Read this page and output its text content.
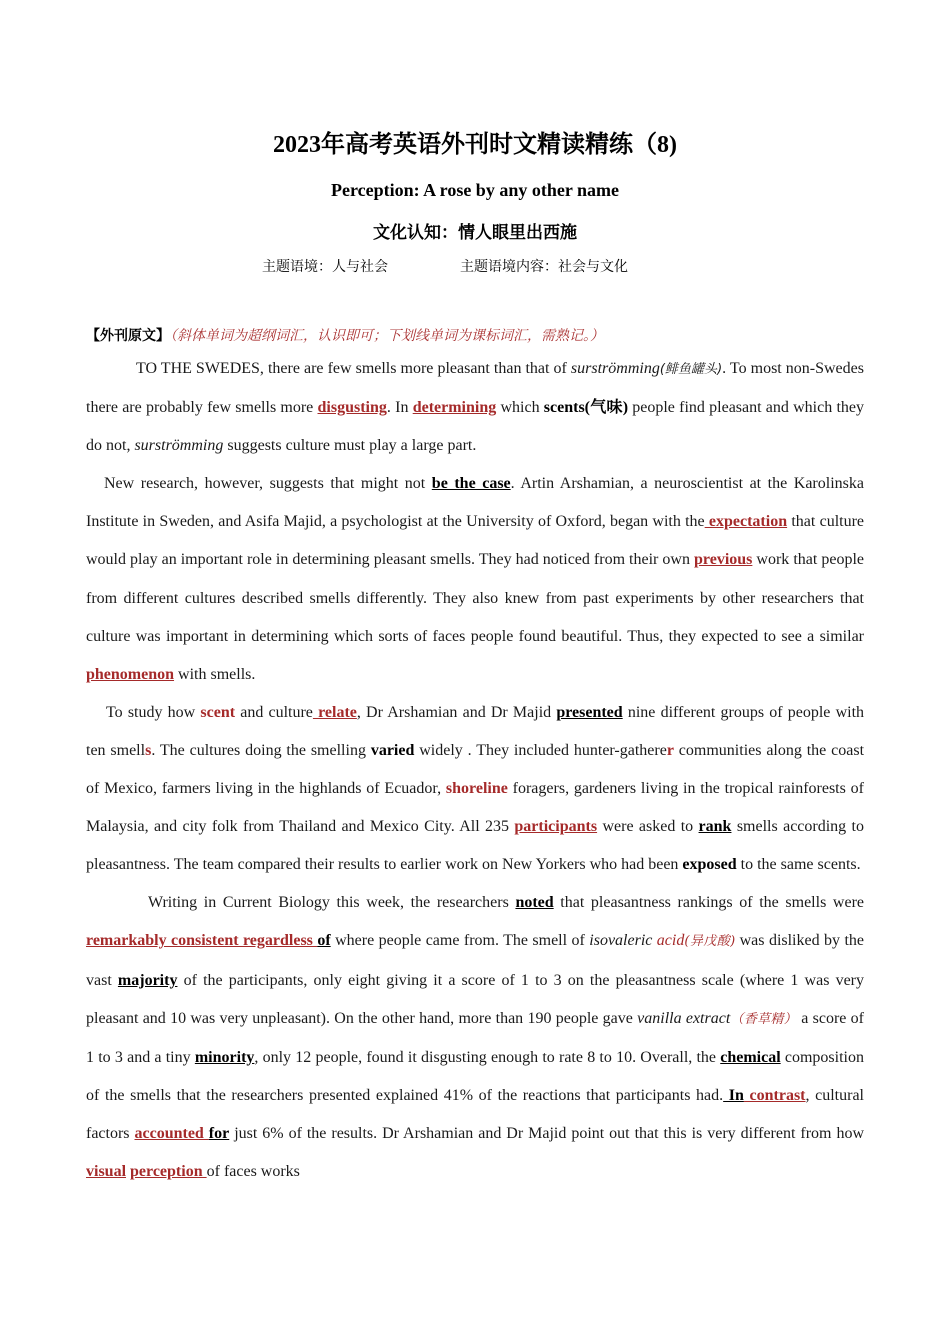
2023年高考英语外刊时文精读精练（8)
Perception: A rose by any other name
文化认知：情人眼里出西施
主题语境：人与社会	主题语境内容：社会与文化
【外刊原文】（斜体单词为超纲词汇，认识即可；下划线单词为课标词汇，需熟记。）

TO THE SWEDES, there are few smells more pleasant than that of surströmming(鲱鱼罐头). To most non-Swedes there are probably few smells more disgusting. In determining which scents(气味) people find pleasant and which they do not, surströmming suggests culture must play a large part.

New research, however, suggests that might not be the case. Artin Arshamian, a neuroscientist at the Karolinska Institute in Sweden, and Asifa Majid, a psychologist at the University of Oxford, began with the expectation that culture would play an important role in determining pleasant smells. They had noticed from their own previous work that people from different cultures described smells differently. They also knew from past experiments by other researchers that culture was important in determining which sorts of faces people found beautiful. Thus, they expected to see a similar phenomenon with smells.

To study how scent and culture relate, Dr Arshamian and Dr Majid presented nine different groups of people with ten smells. The cultures doing the smelling varied widely . They included hunter-gatherer communities along the coast of Mexico, farmers living in the highlands of Ecuador, shoreline foragers, gardeners living in the tropical rainforests of Malaysia, and city folk from Thailand and Mexico City. All 235 participants were asked to rank smells according to pleasantness. The team compared their results to earlier work on New Yorkers who had been exposed to the same scents.

Writing in Current Biology this week, the researchers noted that pleasantness rankings of the smells were remarkably consistent regardless of where people came from. The smell of isovaleric acid(异戊酸) was disliked by the vast majority of the participants, only eight giving it a score of 1 to 3 on the pleasantness scale (where 1 was very pleasant and 10 was very unpleasant). On the other hand, more than 190 people gave vanilla extract（香草精） a score of 1 to 3 and a tiny minority, only 12 people, found it disgusting enough to rate 8 to 10. Overall, the chemical composition of the smells that the researchers presented explained 41% of the reactions that participants had. In contrast, cultural factors accounted for just 6% of the results. Dr Arshamian and Dr Majid point out that this is very different from how visual perception of faces works
